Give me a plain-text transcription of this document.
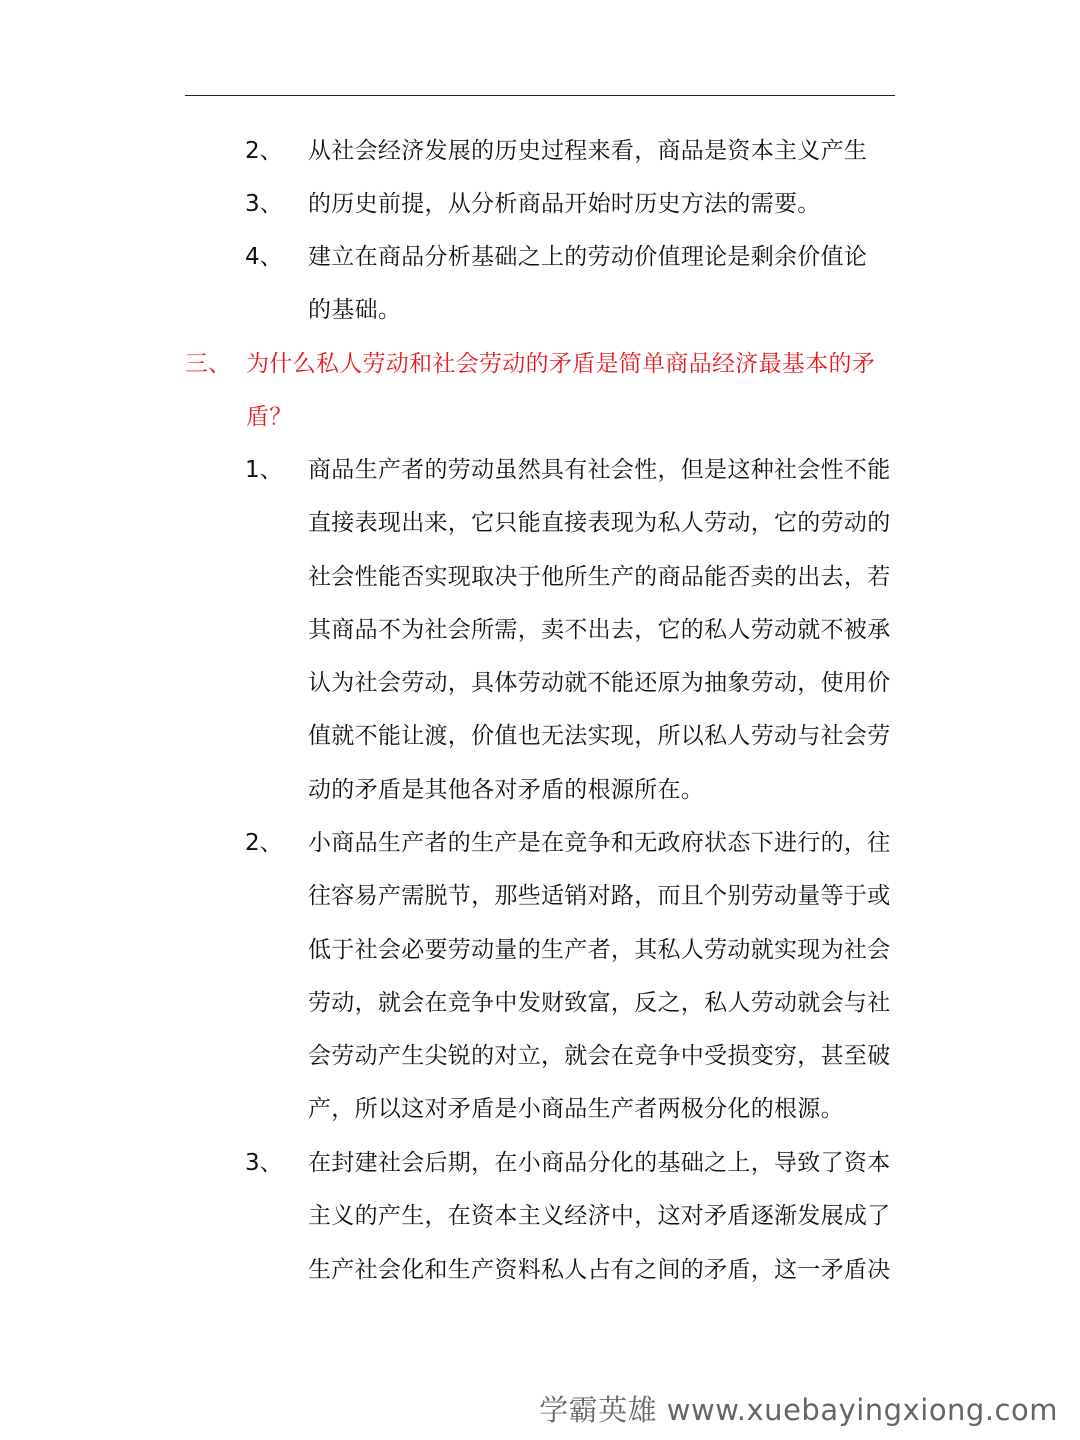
2、 从社会经济发展的历史过程来看，商品是资本主义产生
3、 的历史前提，从分析商品开始时历史方法的需要。
4、 建立在商品分析基础之上的劳动价值理论是剩余价值论
的基础。
三、 为什么私人劳动和社会劳动的矛盾是简单商品经济最基本的矛
盾？
1、 商品生产者的劳动虽然具有社会性，但是这种社会性不能
直接表现出来，它只能直接表现为私人劳动，它的劳动的
社会性能否实现取决于他所生产的商品能否卖的出去，若
其商品不为社会所需，卖不出去，它的私人劳动就不被承
认为社会劳动，具体劳动就不能还原为抽象劳动，使用价
值就不能让渡，价值也无法实现，所以私人劳动与社会劳
动的矛盾是其他各对矛盾的根源所在。
2、 小商品生产者的生产是在竞争和无政府状态下进行的，往
往容易产需脱节，那些适销对路，而且个别劳动量等于或
低于社会必要劳动量的生产者，其私人劳动就实现为社会
劳动，就会在竞争中发财致富，反之，私人劳动就会与社
会劳动产生尖锐的对立，就会在竞争中受损变穷，甚至破
产，所以这对矛盾是小商品生产者两极分化的根源。
3、 在封建社会后期，在小商品分化的基础之上，导致了资本
主义的产生，在资本主义经济中，这对矛盾逐渐发展成了
生产社会化和生产资料私人占有之间的矛盾，这一矛盾决
学霸英雄 www.xuebayingxiong.com
